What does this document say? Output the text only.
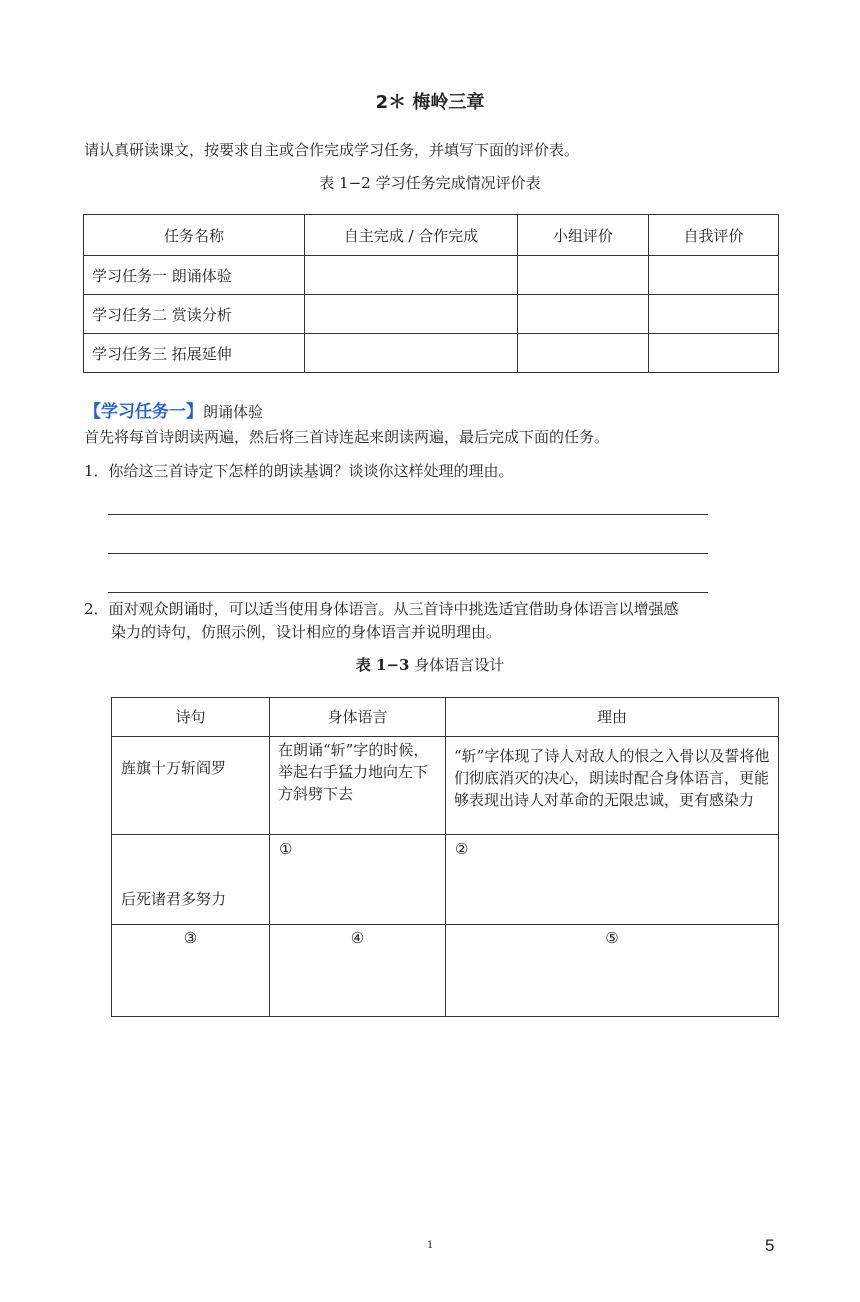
2＊ 梅岭三章
请认真研读课文，按要求自主或合作完成学习任务，并填写下面的评价表。
表 1−2 学习任务完成情况评价表
任务名称	自主完成 / 合作完成	小组评价	自我评价
学习任务一 朗诵体验			
学习任务二 赏读分析			
学习任务三 拓展延伸			
【学习任务一】朗诵体验
首先将每首诗朗读两遍，然后将三首诗连起来朗读两遍，最后完成下面的任务。
1．你给这三首诗定下怎样的朗读基调？谈谈你这样处理的理由。
2．面对观众朗诵时，可以适当使用身体语言。从三首诗中挑选适宜借助身体语言以增强感
染力的诗句，仿照示例，设计相应的身体语言并说明理由。
表 1−3 身体语言设计
诗句	身体语言	理由
旌旗十万斩阎罗	在朗诵“斩”字的时候，举起右手猛力地向左下方斜劈下去	“斩”字体现了诗人对敌人的恨之入骨以及誓将他们彻底消灭的决心，朗读时配合身体语言，更能够表现出诗人对革命的无限忠诚，更有感染力
后死诸君多努力	①	②
③	④	⑤
1	5
